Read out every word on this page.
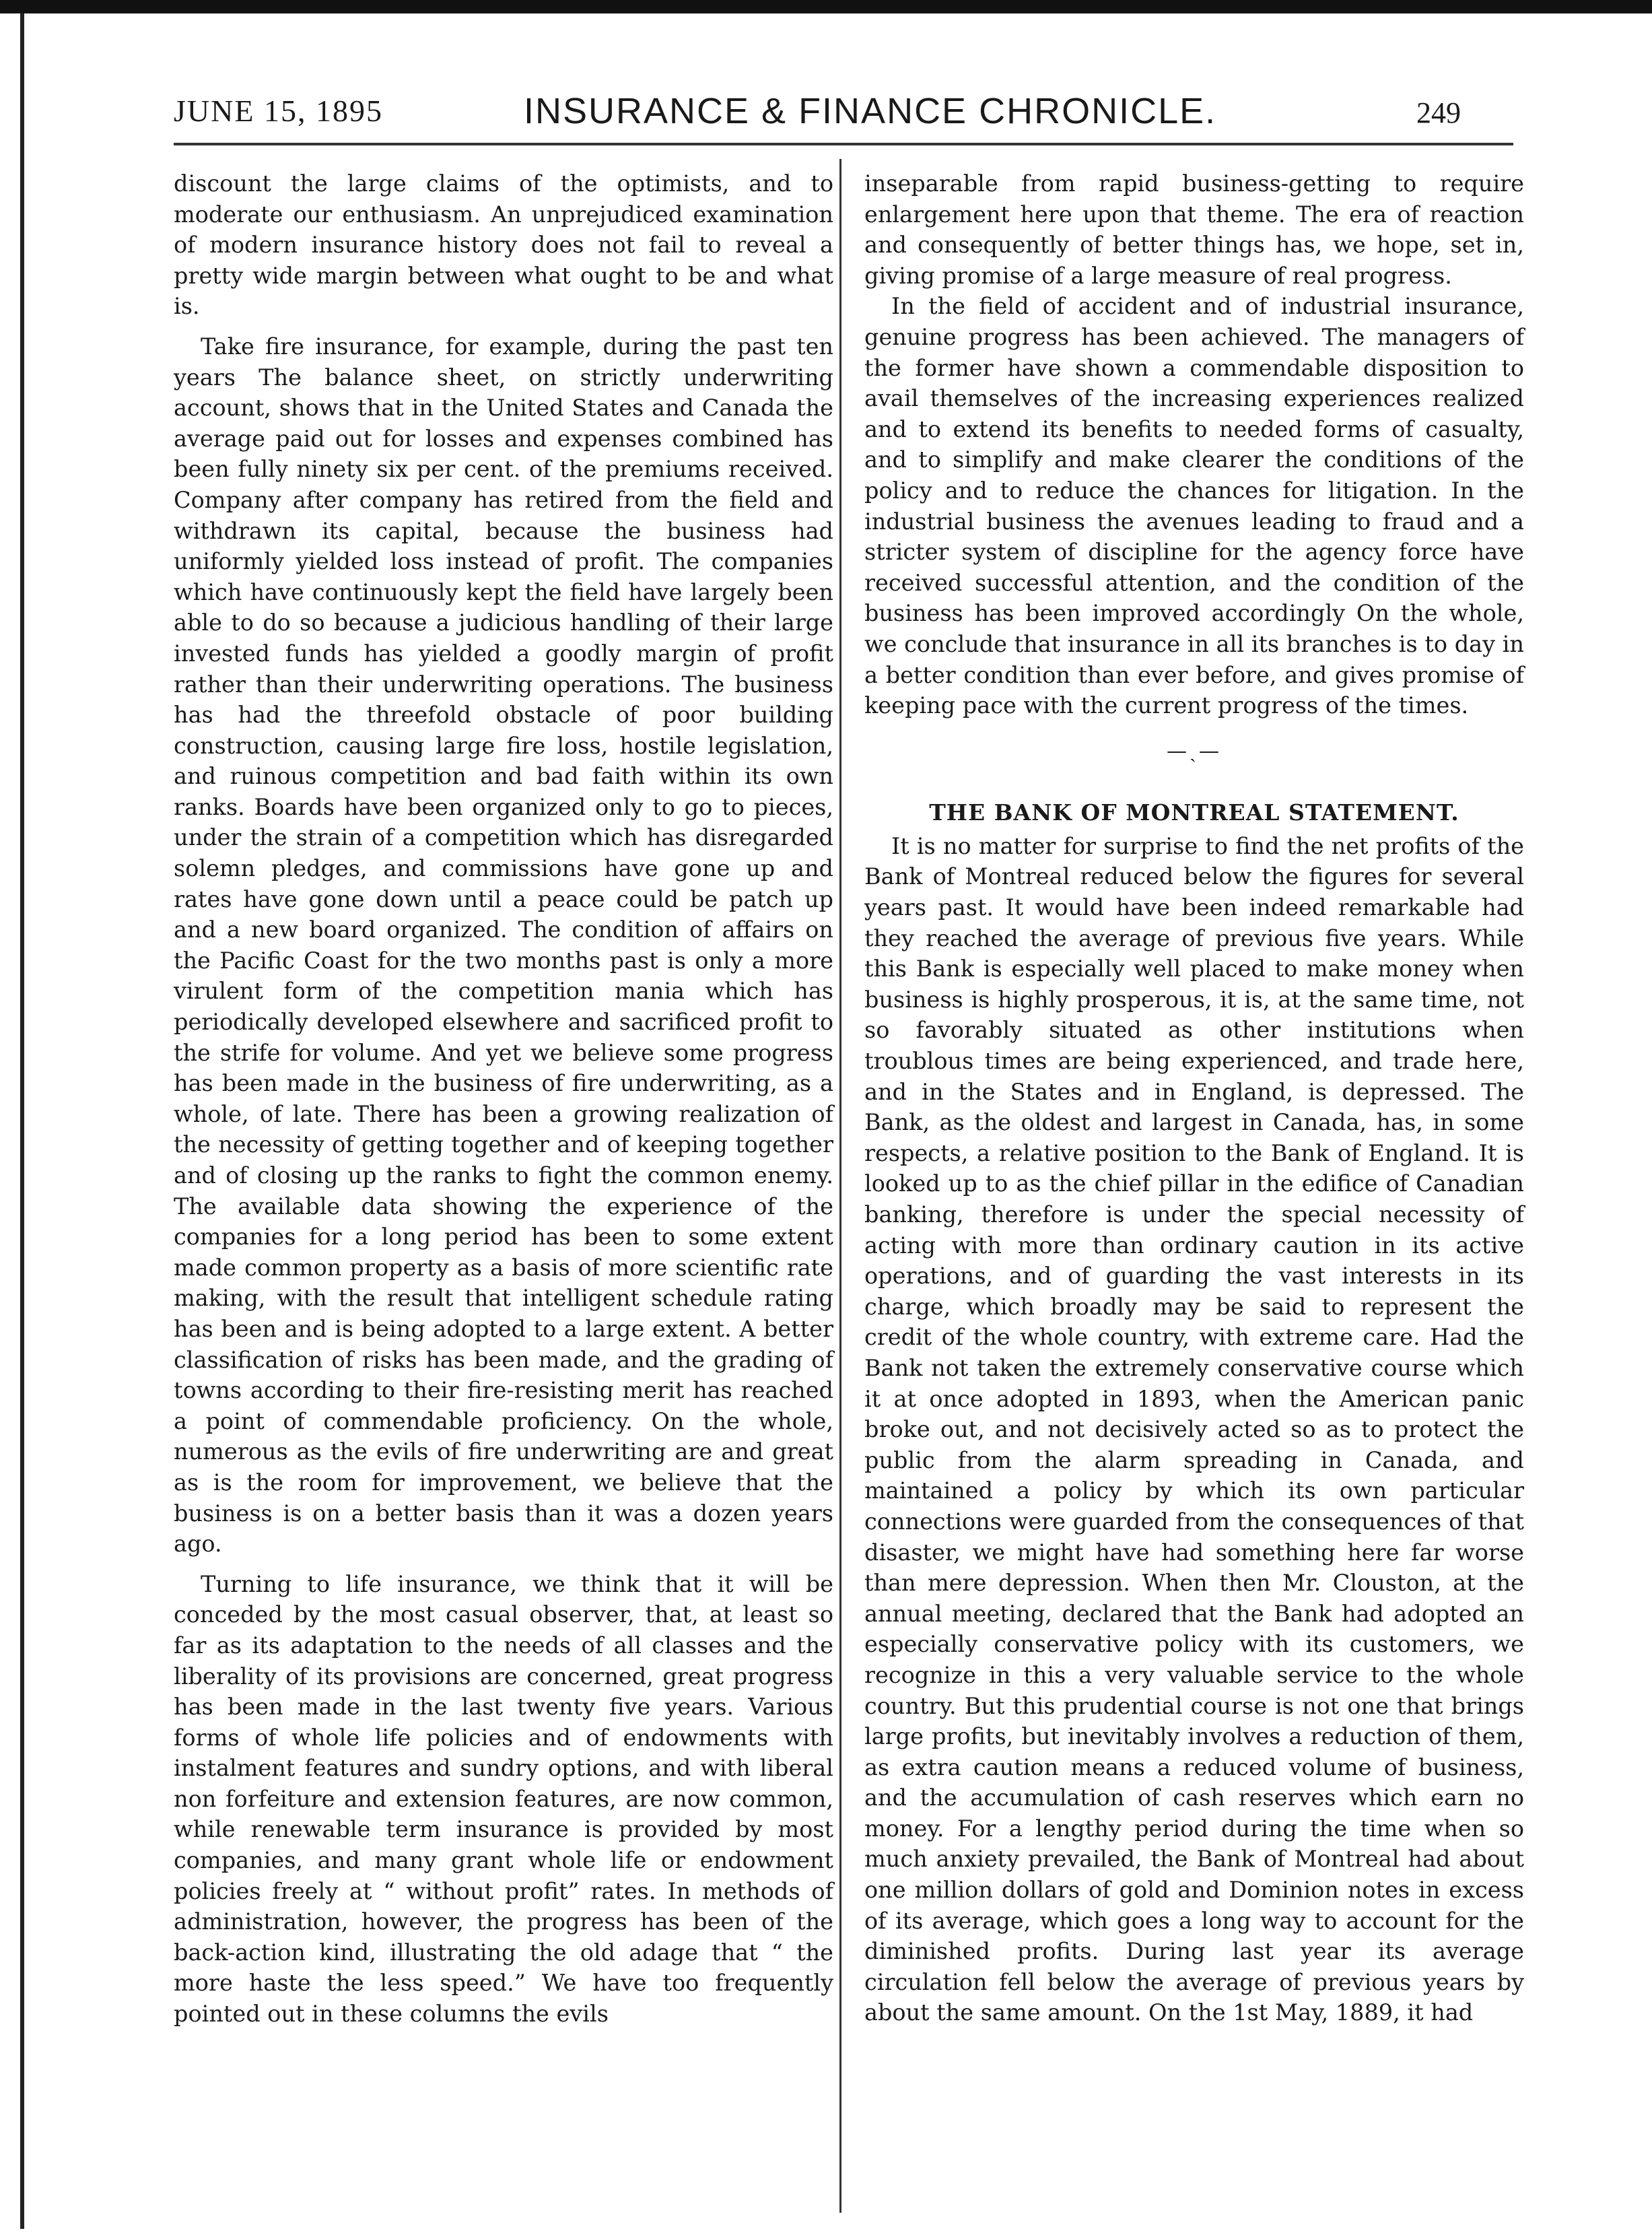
JUNE 15, 1895	INSURANCE & FINANCE CHRONICLE.	249

discount the large claims of the optimists, and to moderate our enthusiasm. An unprejudiced examination of modern insurance history does not fail to reveal a pretty wide margin between what ought to be and what is.

Take fire insurance, for example, during the past ten years The balance sheet, on strictly underwriting account, shows that in the United States and Canada the average paid out for losses and expenses combined has been fully ninety six per cent. of the premiums received. Company after company has retired from the field and withdrawn its capital, because the business had uniformly yielded loss instead of profit. The companies which have continuously kept the field have largely been able to do so because a judicious handling of their large invested funds has yielded a goodly margin of profit rather than their underwriting operations. The business has had the threefold obstacle of poor building construction, causing large fire loss, hostile legislation, and ruinous competition and bad faith within its own ranks. Boards have been organized only to go to pieces, under the strain of a competition which has disregarded solemn pledges, and commissions have gone up and rates have gone down until a peace could be patch up and a new board organized. The condition of affairs on the Pacific Coast for the two months past is only a more virulent form of the competition mania which has periodically developed elsewhere and sacrificed profit to the strife for volume. And yet we believe some progress has been made in the business of fire underwriting, as a whole, of late. There has been a growing realization of the necessity of getting together and of keeping together and of closing up the ranks to fight the common enemy. The available data showing the experience of the companies for a long period has been to some extent made common property as a basis of more scientific rate making, with the result that intelligent schedule rating has been and is being adopted to a large extent. A better classification of risks has been made, and the grading of towns according to their fire-resisting merit has reached a point of commendable proficiency. On the whole, numerous as the evils of fire underwriting are and great as is the room for improvement, we believe that the business is on a better basis than it was a dozen years ago.

Turning to life insurance, we think that it will be conceded by the most casual observer, that, at least so far as its adaptation to the needs of all classes and the liberality of its provisions are concerned, great progress has been made in the last twenty five years. Various forms of whole life policies and of endowments with instalment features and sundry options, and with liberal non forfeiture and extension features, are now common, while renewable term insurance is provided by most companies, and many grant whole life or endowment policies freely at “ without profit” rates. In methods of administration, however, the progress has been of the back-action kind, illustrating the old adage that “ the more haste the less speed.” We have too frequently pointed out in these columns the evils

inseparable from rapid business-getting to require enlargement here upon that theme. The era of reaction and consequently of better things has, we hope, set in, giving promise of a large measure of real progress.

In the field of accident and of industrial insurance, genuine progress has been achieved. The managers of the former have shown a commendable disposition to avail themselves of the increasing experiences realized and to extend its benefits to needed forms of casualty, and to simplify and make clearer the conditions of the policy and to reduce the chances for litigation. In the industrial business the avenues leading to fraud and a stricter system of discipline for the agency force have received successful attention, and the condition of the business has been improved accordingly On the whole, we conclude that insurance in all its branches is to day in a better condition than ever before, and gives promise of keeping pace with the current progress of the times.

—ˎ—
THE BANK OF MONTREAL STATEMENT.

It is no matter for surprise to find the net profits of the Bank of Montreal reduced below the figures for several years past. It would have been indeed remarkable had they reached the average of previous five years. While this Bank is especially well placed to make money when business is highly prosperous, it is, at the same time, not so favorably situated as other institutions when troublous times are being experienced, and trade here, and in the States and in England, is depressed. The Bank, as the oldest and largest in Canada, has, in some respects, a relative position to the Bank of England. It is looked up to as the chief pillar in the edifice of Canadian banking, therefore is under the special necessity of acting with more than ordinary caution in its active operations, and of guarding the vast interests in its charge, which broadly may be said to represent the credit of the whole country, with extreme care. Had the Bank not taken the extremely conservative course which it at once adopted in 1893, when the American panic broke out, and not decisively acted so as to protect the public from the alarm spreading in Canada, and maintained a policy by which its own particular connections were guarded from the consequences of that disaster, we might have had something here far worse than mere depression. When then Mr. Clouston, at the annual meeting, declared that the Bank had adopted an especially conservative policy with its customers, we recognize in this a very valuable service to the whole country. But this prudential course is not one that brings large profits, but inevitably involves a reduction of them, as extra caution means a reduced volume of business, and the accumulation of cash reserves which earn no money. For a lengthy period during the time when so much anxiety prevailed, the Bank of Montreal had about one million dollars of gold and Dominion notes in excess of its average, which goes a long way to account for the diminished profits. During last year its average circulation fell below the average of previous years by about the same amount. On the 1st May, 1889, it had
